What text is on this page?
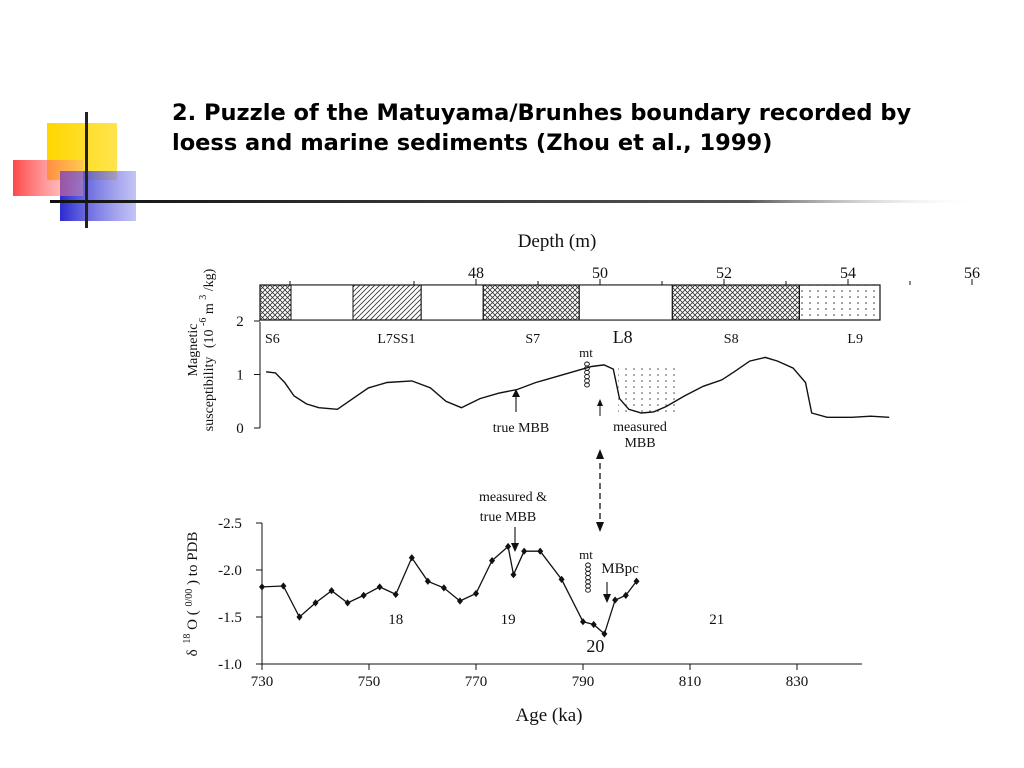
2. Puzzle of the Matuyama/Brunhes boundary recorded by loess and marine sediments (Zhou et al., 1999)
Depth (m)
48	50	52	54	56
S6	L7SS1	S7	L8	S8	L9
0
1
2
Magnetic
susceptibility (10 $^{-6}$ m $^3$ /kg)
true MBB
mt
measured
MBB
-2.5
-2.0
-1.5
-1.0
730	750	770	790	810	830
δ $^{18}$ O ( $^{0/00}$ ) to PDB
18	19
20
21
measured &
true MBB
mt
MBpc
Age (ka)
